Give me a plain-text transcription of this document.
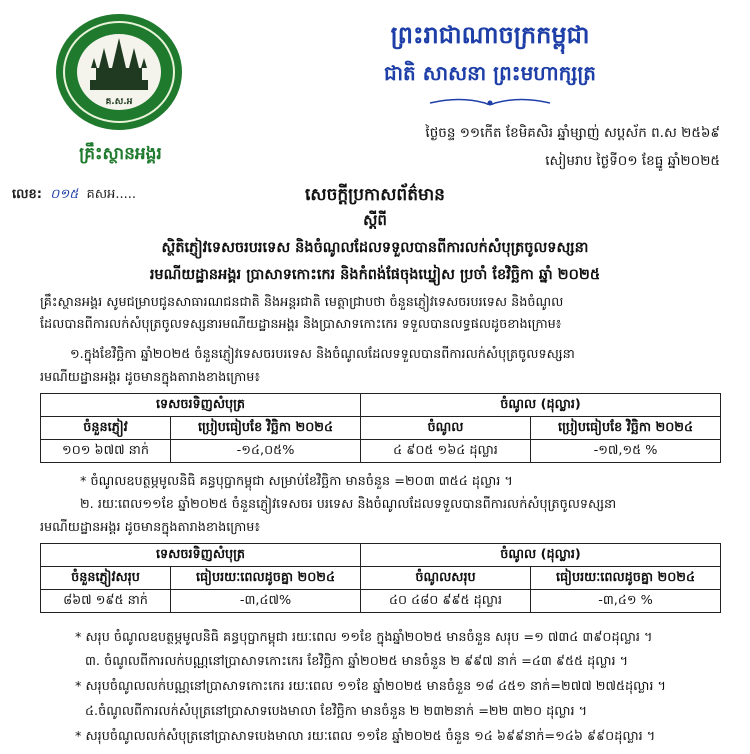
គ.ស.អ
គ្រឹះស្ថានអង្គរ
លេខ: ០១៥ គសអ.....
ព្រះរាជាណាចក្រកម្ពុជា
ជាតិ សាសនា ព្រះមហាក្សត្រ
ថ្ងៃចន្ទ ១១កើត ខែមិគសិរ ឆ្នាំម្សាញ់ សប្តស័ក ព.ស ២៥៦៩
សៀមរាប ថ្ងៃទី០១ ខែធ្នូ ឆ្នាំ២០២៥
សេចក្តីប្រកាសព័ត៌មាន
ស្តីពី
ស្ថិតិភ្ញៀវទេសចរបរទេស និងចំណូលដែលទទួលបានពីការលក់សំបុត្រចូលទស្សនា
រមណីយដ្ឋានអង្គរ ប្រាសាទកោះកេរ និងកំពង់ផែចុងឃ្នៀស ប្រចាំ ខែវិច្ឆិកា ឆ្នាំ ២០២៥
គ្រឹះស្ថានអង្គរ សូមជម្រាបជូនសាធារណជនជាតិ និងអន្តរជាតិ មេត្តាជ្រាបថា ចំនួនភ្ញៀវទេសចរបរទេស និងចំណូល
ដែលបានពីការលក់សំបុត្រចូលទស្សនារមណីយដ្ឋានអង្គរ និងប្រាសាទកោះកេរ ទទួលបានលទ្ធផលដូចខាងក្រោម៖
១.ក្នុងខែវិច្ឆិកា ឆ្នាំ២០២៥ ចំនួនភ្ញៀវទេសចរបរទេស និងចំណូលដែលទទួលបានពីការលក់សំបុត្រចូលទស្សនា
រមណីយដ្ឋានអង្គរ ដូចមានក្នុងតារាងខាងក្រោម៖
ទេសចរទិញសំបុត្រ		ចំណូល (ដុល្លារ)	
ចំនួនភ្ញៀវ	ប្រៀបធៀបខែ វិច្ឆិកា ២០២៤	ចំណូល	ប្រៀបធៀបខែ វិច្ឆិកា ២០២៤
១០១ ៦៧៧ នាក់	-១៤,០៥%	៤ ៩០៥ ១៦៤ ដុល្លារ	-១៧,១៥ %
* ចំណូលឧបត្ថម្ភមូលនិធិ គន្ធបុប្ផាកម្ពុជា សម្រាប់ខែវិច្ឆិកា មានចំនួន =២០៣ ៣៥៤ ដុល្លារ ។
២. រយៈពេល១១ខែ ឆ្នាំ២០២៥ ចំនួនភ្ញៀវទេសចរ បរទេស និងចំណូលដែលទទួលបានពីការលក់សំបុត្រចូលទស្សនា
រមណីយដ្ឋានអង្គរ ដូចមានក្នុងតារាងខាងក្រោម៖
ទេសចរទិញសំបុត្រ		ចំណូល (ដុល្លារ)	
ចំនួនភ្ញៀវសរុប	ធៀបរយៈពេលដូចគ្នា ២០២៤	ចំណូលសរុប	ធៀបរយៈពេលដូចគ្នា ២០២៤
៨៦៧ ១៩៥ នាក់	-៣,៤៧%	៤០ ៤៨០ ៩៩៥ ដុល្លារ	-៣,៤១ %
* សរុប ចំណូលឧបត្ថម្ភមូលនិធិ គន្ធបុប្ផាកម្ពុជា រយៈពេល ១១ខែ ក្នុងឆ្នាំ២០២៥ មានចំនួន សរុប =១ ៧៣៤ ៣៩០ដុល្លារ ។
៣. ចំណូលពីការលក់បណ្ណនៅប្រាសាទកោះកេរ ខែវិច្ឆិកា ឆ្នាំ២០២៥ មានចំនួន ២ ៩៩៧ នាក់ =៤៣ ៩៥៥ ដុល្លារ ។
* សរុបចំណូលលក់បណ្ណនៅប្រាសាទកោះកេរ រយៈពេល ១១ខែ ឆ្នាំ២០២៥ មានចំនួន ១៨ ៤៥១ នាក់=២៧៧ ២៧៥ដុល្លារ ។
៤.ចំណូលពីការលក់សំបុត្រនៅប្រាសាទបេងមាលា ខែវិច្ឆិកា មានចំនួន ២ ២៣២នាក់ =២២ ៣២០ ដុល្លារ ។
* សរុបចំណូលលក់សំបុត្រនៅប្រាសាទបេងមាលា រយៈពេល ១១ខែ ឆ្នាំ២០២៥ ចំនួន ១៤ ៦៩៩នាក់=១៤៦ ៩៩០ដុល្លារ ។
